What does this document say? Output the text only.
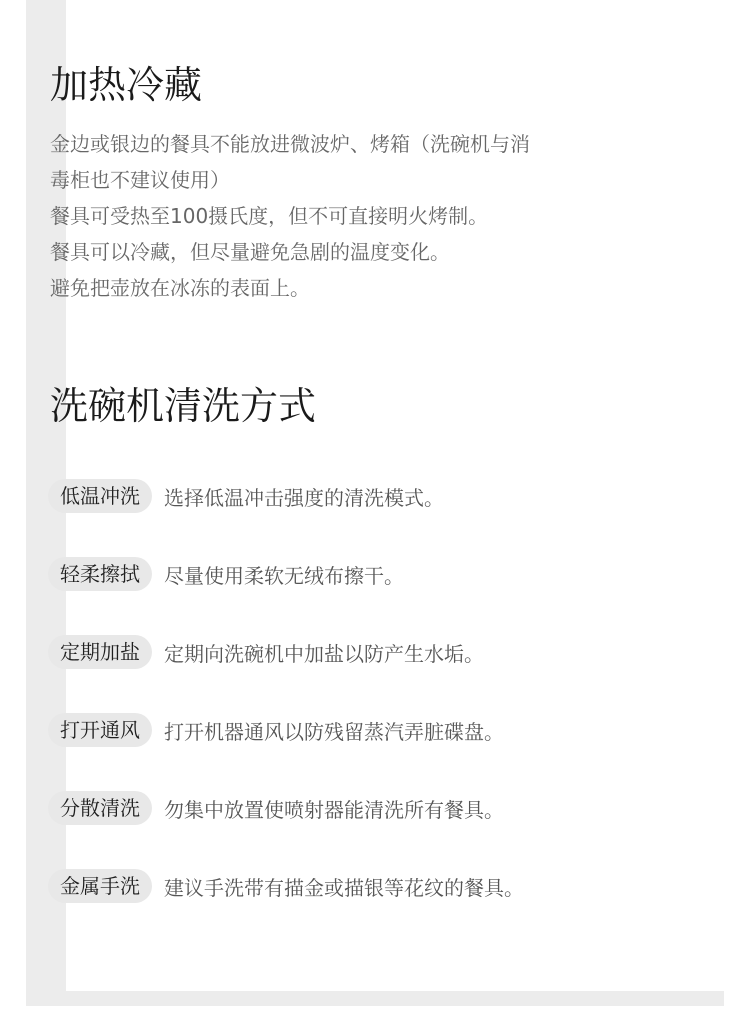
加热冷藏
金边或银边的餐具不能放进微波炉、烤箱（洗碗机与消
毒柜也不建议使用）
餐具可受热至100摄氏度，但不可直接明火烤制。
餐具可以冷藏，但尽量避免急剧的温度变化。
避免把壶放在冰冻的表面上。
洗碗机清洗方式
低温冲洗	选择低温冲击强度的清洗模式。
轻柔擦拭	尽量使用柔软无绒布擦干。
定期加盐	定期向洗碗机中加盐以防产生水垢。
打开通风	打开机器通风以防残留蒸汽弄脏碟盘。
分散清洗	勿集中放置使喷射器能清洗所有餐具。
金属手洗	建议手洗带有描金或描银等花纹的餐具。
